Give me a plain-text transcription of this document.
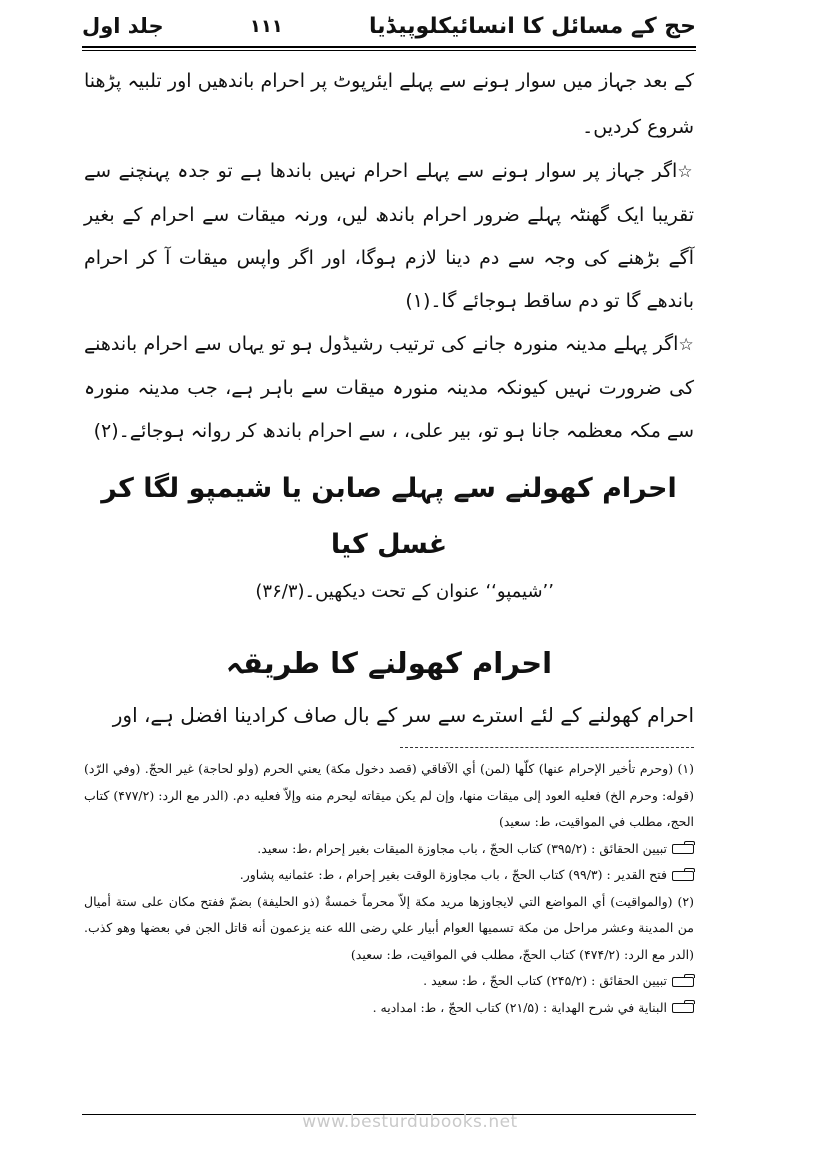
جلد اول	۱۱۱	حج کے مسائل کا انسائیکلوپیڈیا

کے بعد جہاز میں سوار ہونے سے پہلے ایئرپوٹ پر احرام باندھیں اور تلبیہ پڑھنا شروع کردیں۔

☆اگر جہاز پر سوار ہونے سے پہلے احرام نہیں باندھا ہے تو جدہ پہنچنے سے تقریبا ایک گھنٹہ پہلے ضرور احرام باندھ لیں، ورنہ میقات سے احرام کے بغیر آگے بڑھنے کی وجہ سے دم دینا لازم ہوگا، اور اگر واپس میقات آ کر احرام باندھے گا تو دم ساقط ہوجائے گا۔(۱)

☆اگر پہلے مدینہ منورہ جانے کی ترتیب رشیڈول ہو تو یہاں سے احرام باندھنے کی ضرورت نہیں کیونکہ مدینہ منورہ میقات سے باہر ہے، جب مدینہ منورہ سے مکہ معظمہ جانا ہو تو، بیر علی، ، سے احرام باندھ کر روانہ ہوجائے۔(۲)

احرام کھولنے سے پہلے صابن یا شیمپو لگا کر غسل کیا
’’شیمپو‘‘ عنوان کے تحت دیکھیں۔(۳۶/۳)
احرام کھولنے کا طریقہ

احرام کھولنے کے لئے استرے سے سر کے بال صاف کرادینا افضل ہے، اور

(۱) (وحرم تأخير الإحرام عنها) كلّها (لمن) أي الآفاقي (قصد دخول مكة) يعني الحرم (ولو لحاجة) غير الحجّ. (وفي الرّد) (قوله: وحرم الخ) فعليه العود إلى ميقات منها، وإن لم يكن ميقاته ليحرم منه وإلاّ فعليه دم. (الدر مع الرد: (۴۷۷/۲) كتاب الحج، مطلب في المواقيت، ط: سعيد)

تبيين الحقائق : (۳۹۵/۲) كتاب الحجّ ، باب مجاوزة الميقات بغير إحرام ،ط: سعيد.

فتح القدير : (۹۹/۳) كتاب الحجّ ، باب مجاوزة الوقت بغير إحرام ، ط: عثمانيه پشاور.

(۲) (والمواقيت) أي المواضع التي لايجاوزها مريد مكة إلاّ محرماً خمسةٌ (ذو الحليفة) بضمّ ففتح مكان على ستة أميال من المدينة وعشر مراحل من مكة تسميها العوام أبيار علي رضى الله عنه يزعمون أنه قاتل الجن في بعضها وهو كذب. (الدر مع الرد: (۴۷۴/۲) كتاب الحجّ، مطلب في المواقيت، ط: سعيد)

تبيين الحقائق : (۲۴۵/۲) كتاب الحجّ ، ط: سعيد .

البناية في شرح الهداية : (۲۱/۵) كتاب الحجّ ، ط: امداديه .

www.besturdubooks.net
